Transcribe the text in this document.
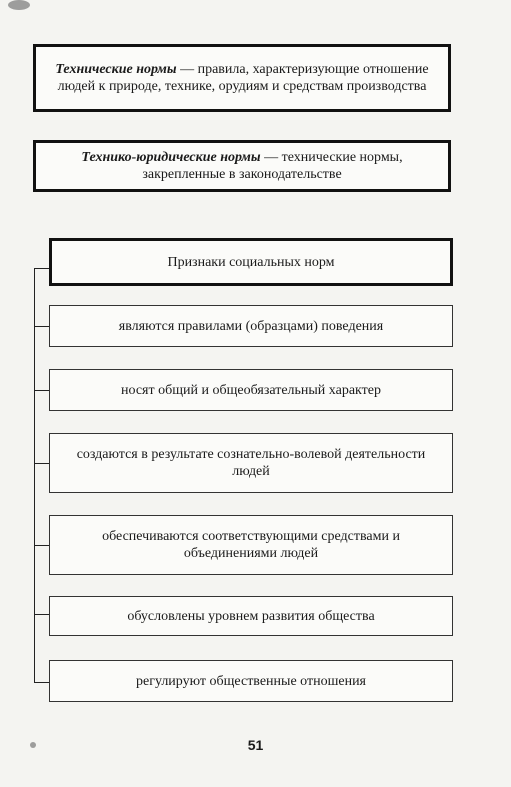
Технические нормы — правила, характеризующие отношение людей к природе, технике, орудиям и средствам производства
Технико-юридические нормы — технические нормы, закрепленные в законодательстве
Признаки социальных норм
являются правилами (образцами) поведения
носят общий и общеобязательный характер
создаются в результате сознательно-волевой деятельности людей
обеспечиваются соответствующими средствами и объединениями людей
обусловлены уровнем развития общества
регулируют общественные отношения
51
